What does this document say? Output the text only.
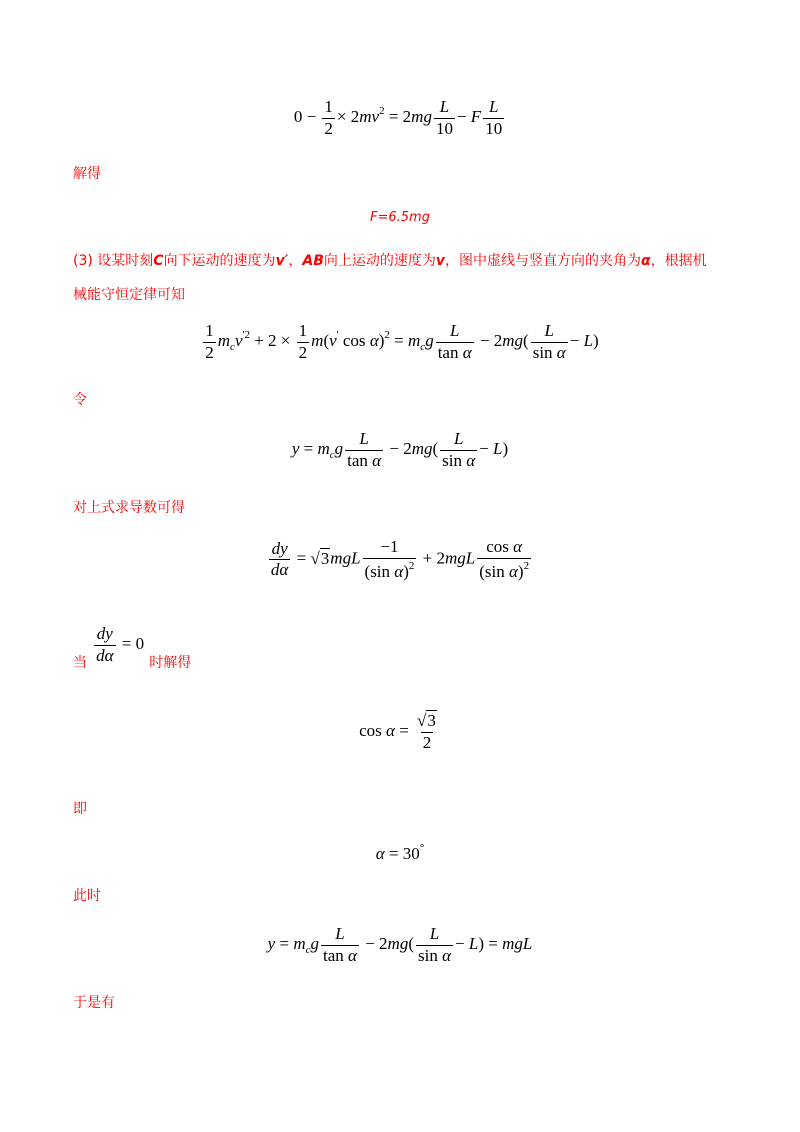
$0 - \frac{1}{2} \times 2mv^2 = 2mg \frac{L}{10} - F \frac{L}{10}$
解得
F=6.5mg
(3) 设某时刻C向下运动的速度为v′，AB向上运动的速度为v，图中虚线与竖直方向的夹角为α，根据机
械能守恒定律可知
$\frac{1}{2} m_cv^{'2} + 2 \times \frac{1}{2} m(v'$ $\cos \alpha)^2 = m_cg \frac{L}{\text{tan α}} - 2mg( \frac{L}{\text{sin α}} - L)$
令
$y = m_cg \frac{L}{\text{tan α}} - 2mg( \frac{L}{\text{sin α}} - L)$
对上式求导数可得
$\frac{dy}{d\alpha} = √3mgL \frac{-1}{(\sin \alpha)^2} + 2mgL \frac{\text{cos α}}{(\sin \alpha)^2}$
当 $\frac{dy}{d\alpha} = 0$ 时解得
$\cos \alpha = \frac{√3}{2}$
即
α = 30°
此时
$y = m_cg \frac{L}{\text{tan α}} - 2mg( \frac{L}{\text{sin α}} - L)$ = mgL
于是有
